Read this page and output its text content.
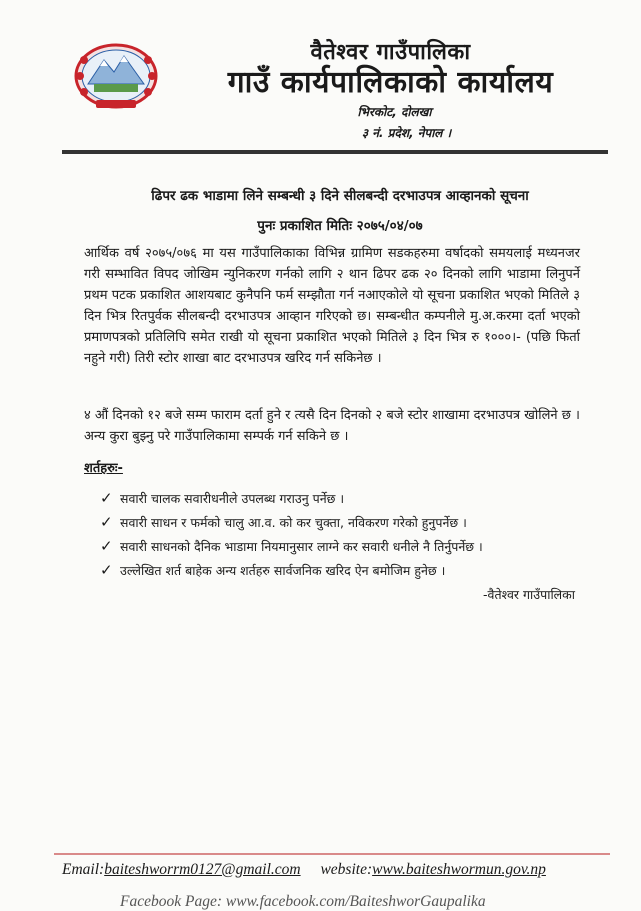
वैतेश्वर गाउँपालिका
गाउँ कार्यपालिकाको कार्यालय
भिरकोट, दोलखा
३ नं. प्रदेश, नेपाल ।
ढिपर ढक भाडामा लिने सम्बन्धी ३ दिने सीलबन्दी दरभाउपत्र आव्हानको सूचना
पुनः प्रकाशित मितिः २०७५/०४/०७

आर्थिक वर्ष २०७५/०७६ मा यस गाउँपालिकाका विभिन्न ग्रामिण सडकहरुमा वर्षादको समयलाई मध्यनजर गरी सम्भावित विपद जोखिम न्युनिकरण गर्नको लागि २ थान ढिपर ढक २० दिनको लागि भाडामा लिनुपर्ने प्रथम पटक प्रकाशित आशयबाट कुनैपनि फर्म सम्झौता गर्न नआएकोले यो सूचना प्रकाशित भएको मितिले ३ दिन भित्र रितपुर्वक सीलबन्दी दरभाउपत्र आव्हान गरिएको छ। सम्बन्धीत कम्पनीले मु.अ.करमा दर्ता भएको प्रमाणपत्रको प्रतिलिपि समेत राखी यो सूचना प्रकाशित भएको मितिले ३ दिन भित्र रु १०००।- (पछि फिर्ता नहुने गरी) तिरी स्टोर शाखा बाट दरभाउपत्र खरिद गर्न सकिनेछ ।

४ औं दिनको १२ बजे सम्म फाराम दर्ता हुने र त्यसै दिन दिनको २ बजे स्टोर शाखामा दरभाउपत्र खोलिने छ । अन्य कुरा बुझ्नु परे गाउँपालिकामा सम्पर्क गर्न सकिने छ ।

शर्तहरुः-
✓ सवारी चालक सवारीधनीले उपलब्ध गराउनु पर्नेछ ।
✓ सवारी साधन र फर्मको चालु आ.व. को कर चुक्ता, नविकरण गरेको हुनुपर्नेछ ।
✓ सवारी साधनको दैनिक भाडामा नियमानुसार लाग्ने कर सवारी धनीले नै तिर्नुपर्नेछ ।
✓ उल्लेखित शर्त बाहेक अन्य शर्तहरु सार्वजनिक खरिद ऐन बमोजिम हुनेछ ।
-वैतेश्वर गाउँपालिका
Email:baiteshworrm0127@gmail.com website:www.baiteshwormun.gov.np
Facebook Page: www.facebook.com/BaiteshworGaupalika
